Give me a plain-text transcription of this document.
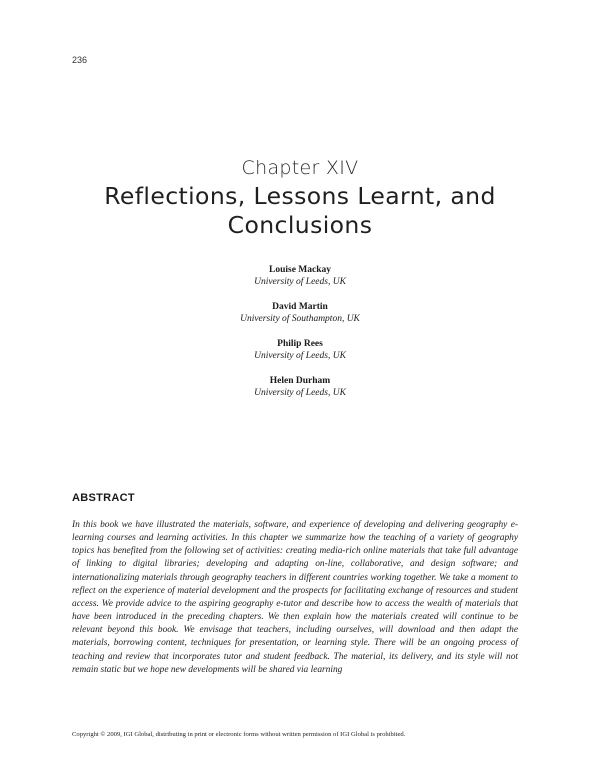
236
Chapter XIV
Reflections, Lessons Learnt, and Conclusions
Louise Mackay
University of Leeds, UK
David Martin
University of Southampton, UK
Philip Rees
University of Leeds, UK
Helen Durham
University of Leeds, UK
ABSTRACT
In this book we have illustrated the materials, software, and experience of developing and delivering geography e-learning courses and learning activities. In this chapter we summarize how the teaching of a variety of geography topics has benefited from the following set of activities: creating media-rich online materials that take full advantage of linking to digital libraries; developing and adapting on-line, collaborative, and design software; and internationalizing materials through geography teachers in different countries working together. We take a moment to reflect on the experience of material development and the prospects for facilitating exchange of resources and student access. We provide advice to the aspiring geography e-tutor and describe how to access the wealth of materials that have been introduced in the preceding chapters. We then explain how the materials created will continue to be relevant beyond this book. We envisage that teachers, including ourselves, will download and then adapt the materials, borrowing content, techniques for presentation, or learning style. There will be an ongoing process of teaching and review that incorporates tutor and student feedback. The material, its delivery, and its style will not remain static but we hope new developments will be shared via learning
Copyright © 2009, IGI Global, distributing in print or electronic forms without written permission of IGI Global is prohibited.
